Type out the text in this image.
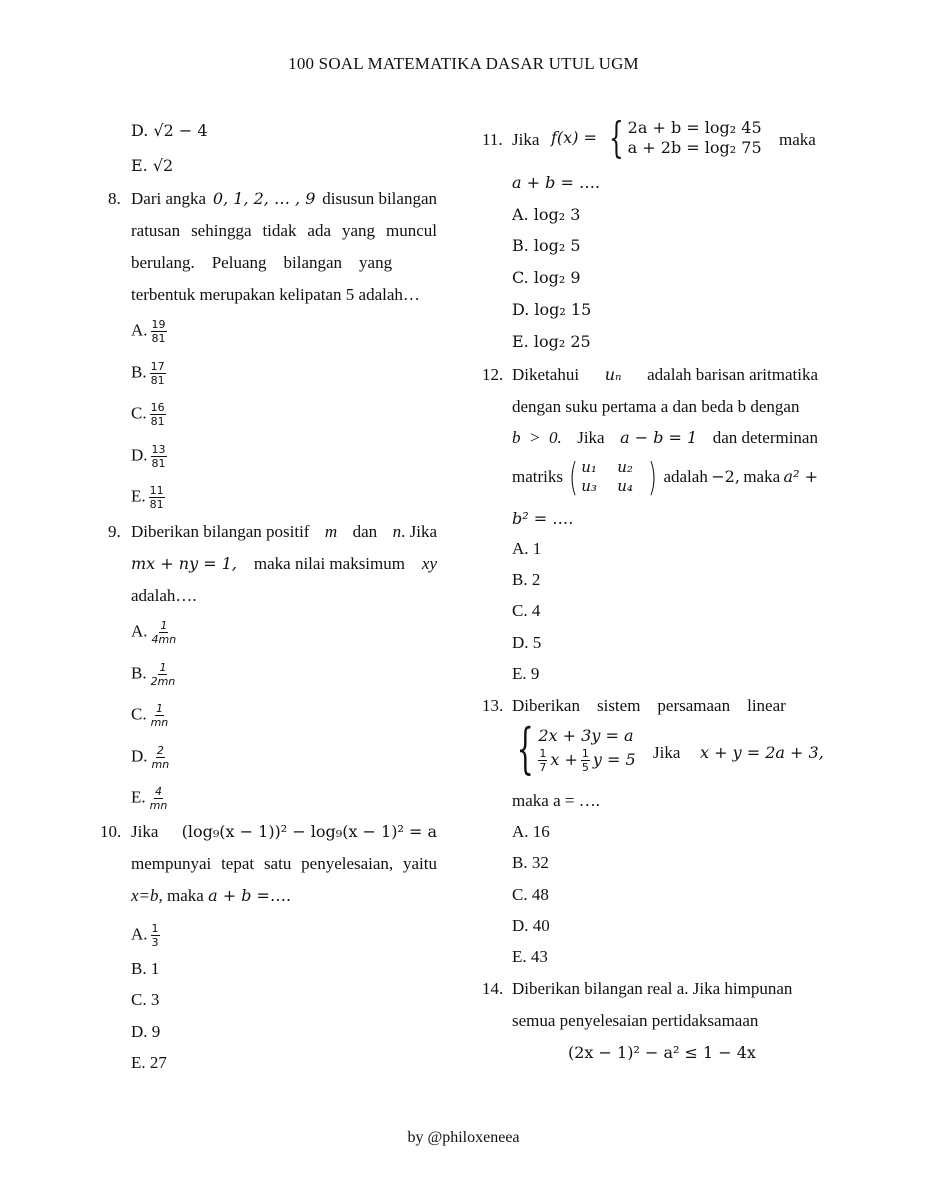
100 SOAL MATEMATIKA DASAR UTUL UGM
D. √2 − 4
E. √2
8. Dari angka 0, 1, 2, … , 9 disusun bilangan
ratusan sehingga tidak ada yang muncul
berulang.    Peluang    bilangan    yang
terbentuk merupakan kelipatan 5 adalah…
A. $\frac{19}{81}$
B. $\frac{17}{81}$
C. $\frac{16}{81}$
D. $\frac{13}{81}$
E. $\frac{11}{81}$
9. Diberikan bilangan positif m dan n. Jika
mx + ny = 1, maka nilai maksimum xy
adalah….
A. $\frac{1}{4mn}$
B. $\frac{1}{2mn}$
C. $\frac{1}{mn}$
D. $\frac{2}{mn}$
E. $\frac{4}{mn}$
10. Jika (log₉(x − 1))² − log₉(x − 1)² = a
mempunyai tepat satu penyelesaian, yaitu
x=b, maka a + b =….
A. $\frac{1}{3}$
B. 1
C. 3
D. 9
E. 27
11. Jika f(x) = { 2a + b = log₂ 45
a + 2b = log₂ 75 maka
a + b = ….
A. log₂ 3
B. log₂ 5
C. log₂ 9
D. log₂ 15
E. log₂ 25
12. Diketahui uₙ adalah barisan aritmatika
dengan suku pertama a dan beda b dengan
b  >  0. Jika a − b = 1 dan determinan
matriks ( u₁	u₂
u₃	u₄ ) adalah −2, maka a² +
b² = ….
A. 1
B. 2
C. 4
D. 5
E. 9
13. Diberikan    sistem    persamaan    linear
{ 2x + 3y = a
$\frac{1}{7}$ $x + \frac{1}{5}$ y = 5 Jika x + y = 2a + 3,
maka a = ….
A. 16
B. 32
C. 48
D. 40
E. 43
14. Diberikan bilangan real a. Jika himpunan
semua penyelesaian pertidaksamaan
(2x − 1)² − a² ≤ 1 − 4x
by @philoxeneea
